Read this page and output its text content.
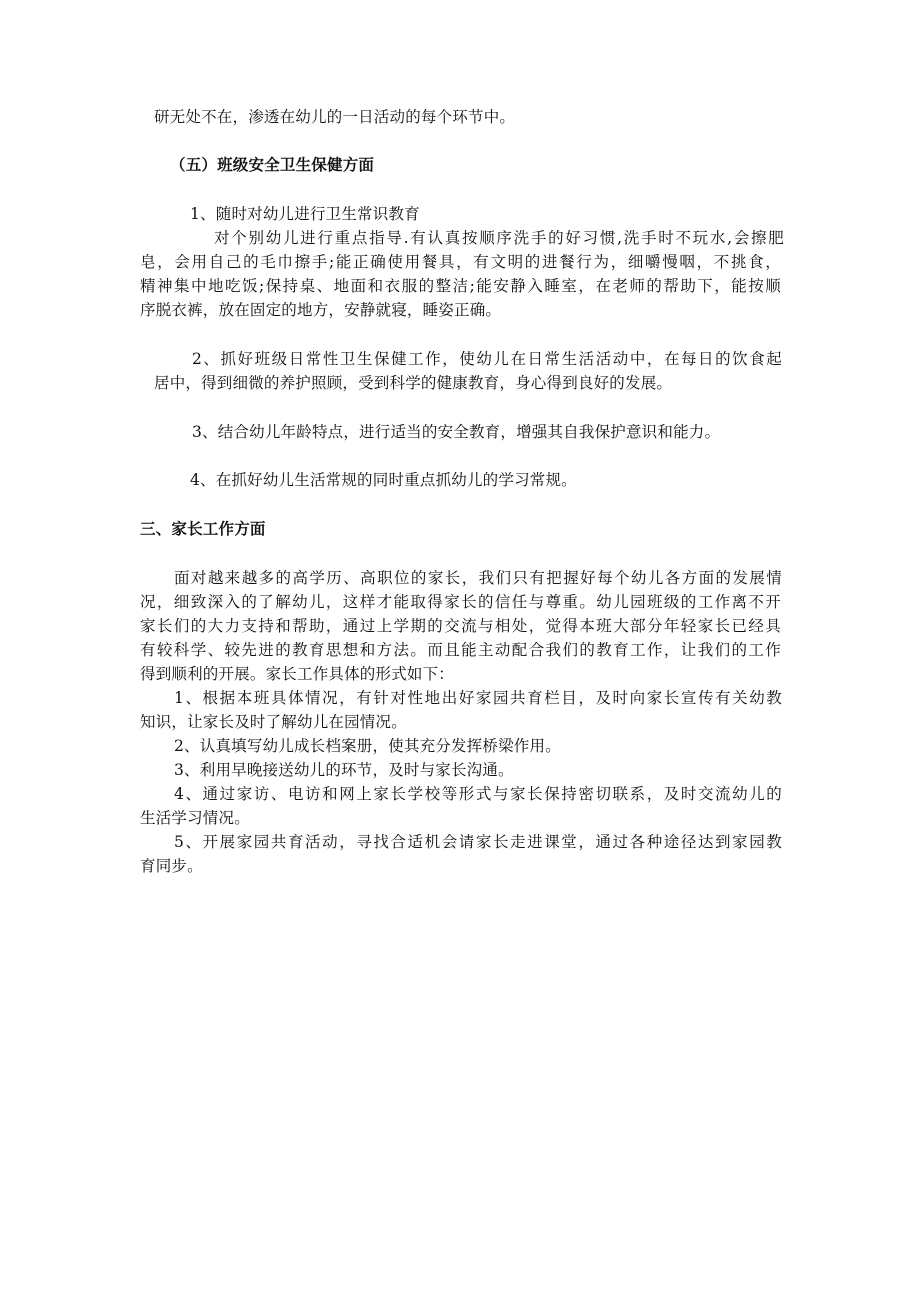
研无处不在，渗透在幼儿的一日活动的每个环节中。
（五）班级安全卫生保健方面
1、随时对幼儿进行卫生常识教育
对个别幼儿进行重点指导.有认真按顺序洗手的好习惯,洗手时不玩水,会擦肥
皂，会用自己的毛巾擦手;能正确使用餐具，有文明的进餐行为，细嚼慢咽，不挑食，
精神集中地吃饭;保持桌、地面和衣服的整洁;能安静入睡室，在老师的帮助下，能按顺
序脱衣裤，放在固定的地方，安静就寝，睡姿正确。
2、抓好班级日常性卫生保健工作，使幼儿在日常生活活动中，在每日的饮食起
居中，得到细微的养护照顾，受到科学的健康教育，身心得到良好的发展。
3、结合幼儿年龄特点，进行适当的安全教育，增强其自我保护意识和能力。
4、在抓好幼儿生活常规的同时重点抓幼儿的学习常规。
三、家长工作方面
面对越来越多的高学历、高职位的家长，我们只有把握好每个幼儿各方面的发展情
况，细致深入的了解幼儿，这样才能取得家长的信任与尊重。幼儿园班级的工作离不开
家长们的大力支持和帮助，通过上学期的交流与相处，觉得本班大部分年轻家长已经具
有较科学、较先进的教育思想和方法。而且能主动配合我们的教育工作，让我们的工作
得到顺利的开展。家长工作具体的形式如下：
1、根据本班具体情况，有针对性地出好家园共育栏目，及时向家长宣传有关幼教
知识，让家长及时了解幼儿在园情况。
2、认真填写幼儿成长档案册，使其充分发挥桥梁作用。
3、利用早晚接送幼儿的环节，及时与家长沟通。
4、通过家访、电访和网上家长学校等形式与家长保持密切联系，及时交流幼儿的
生活学习情况。
5、开展家园共育活动，寻找合适机会请家长走进课堂，通过各种途径达到家园教
育同步。
